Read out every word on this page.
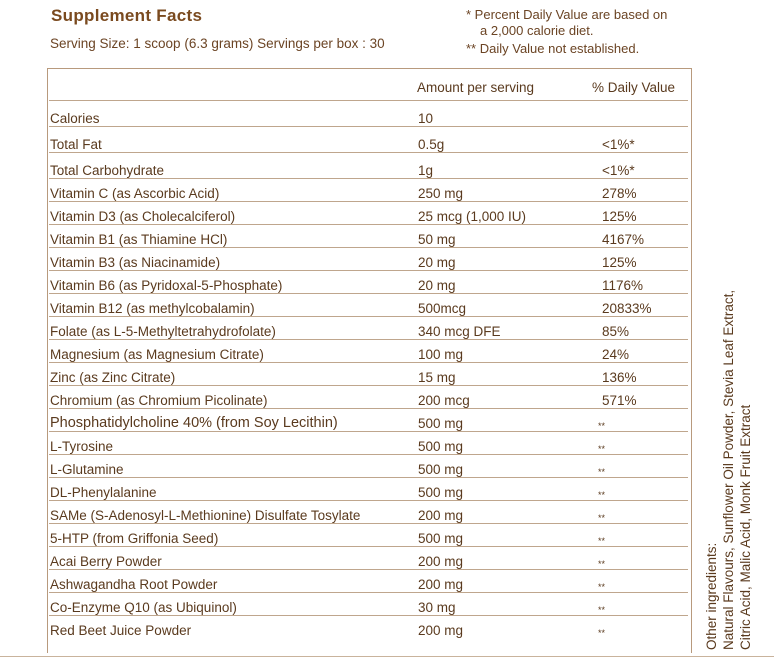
Supplement Facts
Serving Size: 1 scoop (6.3 grams) Servings per box : 30
* Percent Daily Value are based on
a 2,000 calorie diet.
** Daily Value not established.
	Amount per serving	% Daily Value
Calories	10	
Total Fat	0.5g	<1%*
Total Carbohydrate	1g	<1%*
Vitamin C (as Ascorbic Acid)	250 mg	278%
Vitamin D3 (as Cholecalciferol)	25 mcg (1,000 IU)	125%
Vitamin B1 (as Thiamine HCl)	50 mg	4167%
Vitamin B3 (as Niacinamide)	20 mg	125%
Vitamin B6 (as Pyridoxal-5-Phosphate)	20 mg	1176%
Vitamin B12 (as methylcobalamin)	500mcg	20833%
Folate (as L-5-Methyltetrahydrofolate)	340 mcg DFE	85%
Magnesium (as Magnesium Citrate)	100 mg	24%
Zinc (as Zinc Citrate)	15 mg	136%
Chromium (as Chromium Picolinate)	200 mcg	571%
Phosphatidylcholine 40% (from Soy Lecithin)	500 mg	**
L-Tyrosine	500 mg	**
L-Glutamine	500 mg	**
DL-Phenylalanine	500 mg	**
SAMe (S-Adenosyl-L-Methionine) Disulfate Tosylate	200 mg	**
5-HTP (from Griffonia Seed)	500 mg	**
Acai Berry Powder	200 mg	**
Ashwagandha Root Powder	200 mg	**
Co-Enzyme Q10 (as Ubiquinol)	30 mg	**
Red Beet Juice Powder	200 mg	**	Other ingredients: Natural Flavours, Sunflower Oil Powder, Stevia Leaf Extract, Citric Acid, Malic Acid, Monk Fruit Extract
